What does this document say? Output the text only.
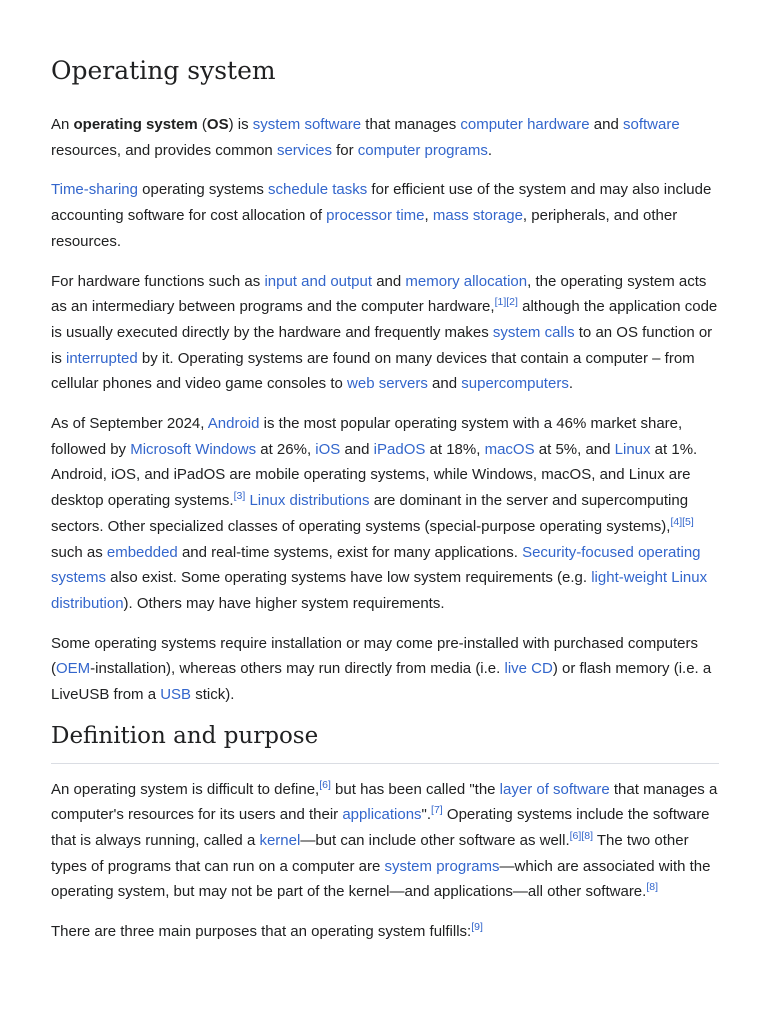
Operating system

An operating system (OS) is system software that manages computer hardware and software resources, and provides common services for computer programs.

Time-sharing operating systems schedule tasks for efficient use of the system and may also include accounting software for cost allocation of processor time, mass storage, peripherals, and other resources.

For hardware functions such as input and output and memory allocation, the operating system acts as an intermediary between programs and the computer hardware,[1][2] although the application code is usually executed directly by the hardware and frequently makes system calls to an OS function or is interrupted by it. Operating systems are found on many devices that contain a computer – from cellular phones and video game consoles to web servers and supercomputers.

As of September 2024, Android is the most popular operating system with a 46% market share, followed by Microsoft Windows at 26%, iOS and iPadOS at 18%, macOS at 5%, and Linux at 1%. Android, iOS, and iPadOS are mobile operating systems, while Windows, macOS, and Linux are desktop operating systems.[3] Linux distributions are dominant in the server and supercomputing sectors. Other specialized classes of operating systems (special-purpose operating systems),[4][5] such as embedded and real-time systems, exist for many applications. Security-focused operating systems also exist. Some operating systems have low system requirements (e.g. light-weight Linux distribution). Others may have higher system requirements.

Some operating systems require installation or may come pre-installed with purchased computers (OEM-installation), whereas others may run directly from media (i.e. live CD) or flash memory (i.e. a LiveUSB from a USB stick).

Definition and purpose

An operating system is difficult to define,[6] but has been called "the layer of software that manages a computer's resources for its users and their applications".[7] Operating systems include the software that is always running, called a kernel—but can include other software as well.[6][8] The two other types of programs that can run on a computer are system programs—which are associated with the operating system, but may not be part of the kernel—and applications—all other software.[8]

There are three main purposes that an operating system fulfills:[9]
